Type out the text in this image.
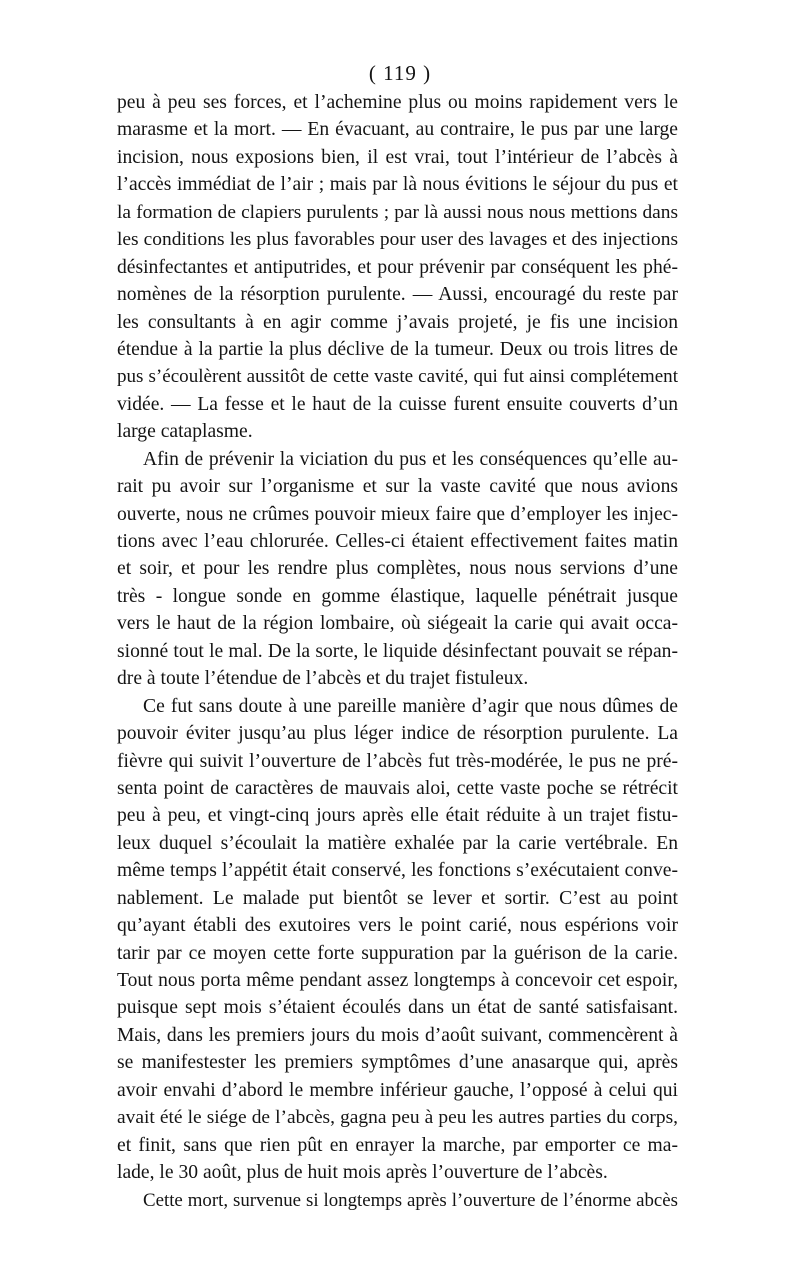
( 119 )
peu à peu ses forces, et l’achemine plus ou moins rapidement vers le
marasme et la mort. — En évacuant, au contraire, le pus par une large
incision, nous exposions bien, il est vrai, tout l’intérieur de l’abcès à
l’accès immédiat de l’air ; mais par là nous évitions le séjour du pus et
la formation de clapiers purulents ; par là aussi nous nous mettions dans
les conditions les plus favorables pour user des lavages et des injections
désinfectantes et antiputrides, et pour prévenir par conséquent les phé-
nomènes de la résorption purulente. — Aussi, encouragé du reste par
les consultants à en agir comme j’avais projeté, je fis une incision
étendue à la partie la plus déclive de la tumeur. Deux ou trois litres de
pus s’écoulèrent aussitôt de cette vaste cavité, qui fut ainsi complétement
vidée. — La fesse et le haut de la cuisse furent ensuite couverts d’un
large cataplasme.
Afin de prévenir la viciation du pus et les conséquences qu’elle au-
rait pu avoir sur l’organisme et sur la vaste cavité que nous avions
ouverte, nous ne crûmes pouvoir mieux faire que d’employer les injec-
tions avec l’eau chlorurée. Celles-ci étaient effectivement faites matin
et soir, et pour les rendre plus complètes, nous nous servions d’une
très - longue sonde en gomme élastique, laquelle pénétrait jusque
vers le haut de la région lombaire, où siégeait la carie qui avait occa-
sionné tout le mal. De la sorte, le liquide désinfectant pouvait se répan-
dre à toute l’étendue de l’abcès et du trajet fistuleux.
Ce fut sans doute à une pareille manière d’agir que nous dûmes de
pouvoir éviter jusqu’au plus léger indice de résorption purulente. La
fièvre qui suivit l’ouverture de l’abcès fut très-modérée, le pus ne pré-
senta point de caractères de mauvais aloi, cette vaste poche se rétrécit
peu à peu, et vingt-cinq jours après elle était réduite à un trajet fistu-
leux duquel s’écoulait la matière exhalée par la carie vertébrale. En
même temps l’appétit était conservé, les fonctions s’exécutaient conve-
nablement. Le malade put bientôt se lever et sortir. C’est au point
qu’ayant établi des exutoires vers le point carié, nous espérions voir
tarir par ce moyen cette forte suppuration par la guérison de la carie.
Tout nous porta même pendant assez longtemps à concevoir cet espoir,
puisque sept mois s’étaient écoulés dans un état de santé satisfaisant.
Mais, dans les premiers jours du mois d’août suivant, commencèrent à
se manifestester les premiers symptômes d’une anasarque qui, après
avoir envahi d’abord le membre inférieur gauche, l’opposé à celui qui
avait été le siége de l’abcès, gagna peu à peu les autres parties du corps,
et finit, sans que rien pût en enrayer la marche, par emporter ce ma-
lade, le 30 août, plus de huit mois après l’ouverture de l’abcès.
Cette mort, survenue si longtemps après l’ouverture de l’énorme abcès
